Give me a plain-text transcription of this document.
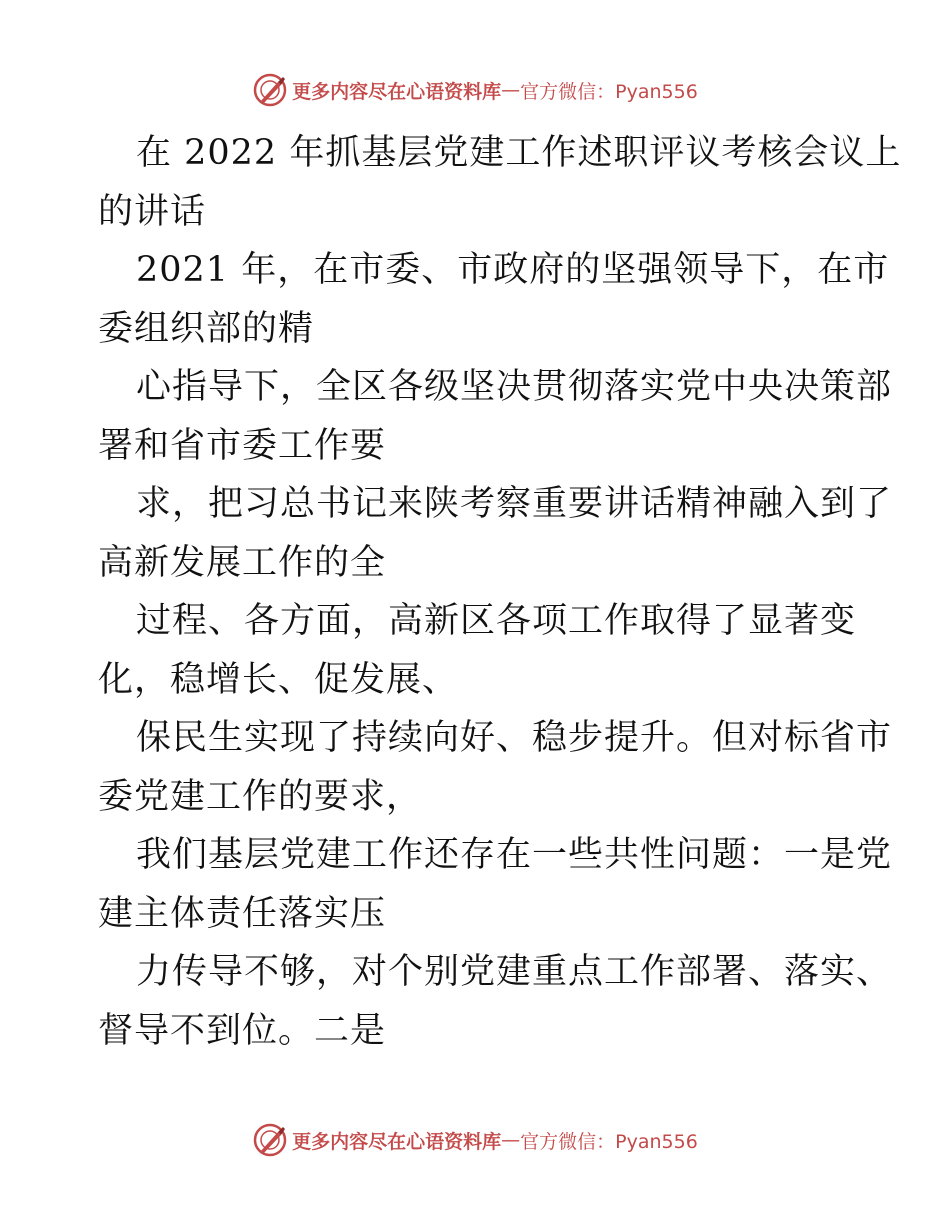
更多内容尽在心语资料库 — 官方微信：Pyan556
在 2022 年抓基层党建工作述职评议考核会议上
的讲话
2021 年，在市委、市政府的坚强领导下，在市
委组织部的精
心指导下，全区各级坚决贯彻落实党中央决策部
署和省市委工作要
求，把习总书记来陕考察重要讲话精神融入到了
高新发展工作的全
过程、各方面，高新区各项工作取得了显著变
化，稳增长、促发展、
保民生实现了持续向好、稳步提升。但对标省市
委党建工作的要求，
我们基层党建工作还存在一些共性问题：一是党
建主体责任落实压
力传导不够，对个别党建重点工作部署、落实、
督导不到位。二是
更多内容尽在心语资料库 — 官方微信：Pyan556
